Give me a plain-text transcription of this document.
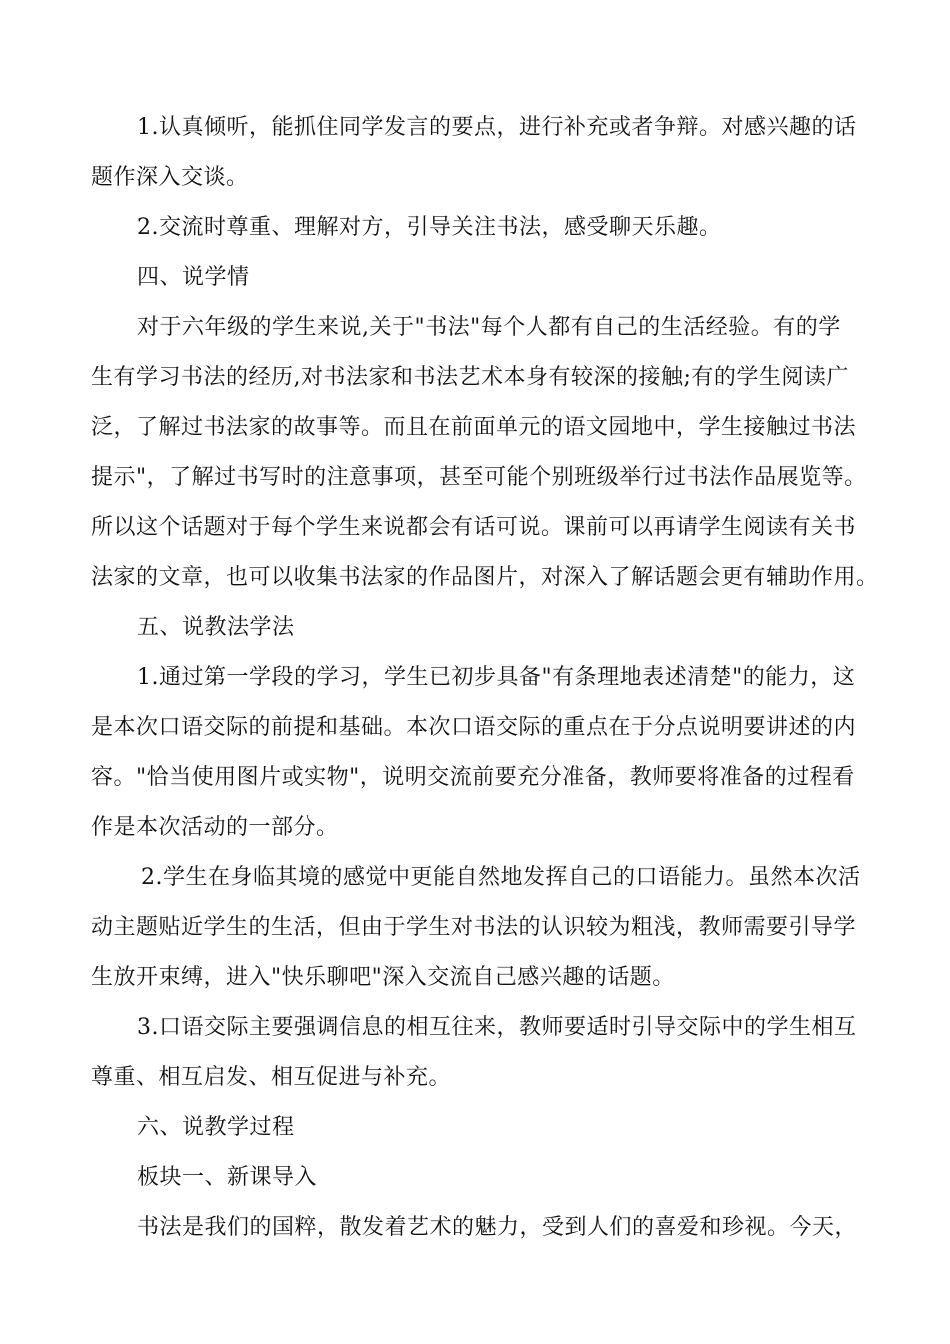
1.认真倾听，能抓住同学发言的要点，进行补充或者争辩。对感兴趣的话
题作深入交谈。
2.交流时尊重、理解对方，引导关注书法，感受聊天乐趣。
四、说学情
对于六年级的学生来说,关于"书法"每个人都有自己的生活经验。有的学
生有学习书法的经历,对书法家和书法艺术本身有较深的接触;有的学生阅读广
泛，了解过书法家的故事等。而且在前面单元的语文园地中，学生接触过书法
提示"，了解过书写时的注意事项，甚至可能个别班级举行过书法作品展览等。
所以这个话题对于每个学生来说都会有话可说。课前可以再请学生阅读有关书
法家的文章，也可以收集书法家的作品图片，对深入了解话题会更有辅助作用。
五、说教法学法
1.通过第一学段的学习，学生已初步具备"有条理地表述清楚"的能力，这
是本次口语交际的前提和基础。本次口语交际的重点在于分点说明要讲述的内
容。"恰当使用图片或实物"，说明交流前要充分准备，教师要将准备的过程看
作是本次活动的一部分。
2.学生在身临其境的感觉中更能自然地发挥自己的口语能力。虽然本次活
动主题贴近学生的生活，但由于学生对书法的认识较为粗浅，教师需要引导学
生放开束缚，进入"快乐聊吧"深入交流自己感兴趣的话题。
3.口语交际主要强调信息的相互往来，教师要适时引导交际中的学生相互
尊重、相互启发、相互促进与补充。
六、说教学过程
板块一、新课导入
书法是我们的国粹，散发着艺术的魅力，受到人们的喜爱和珍视。今天，
